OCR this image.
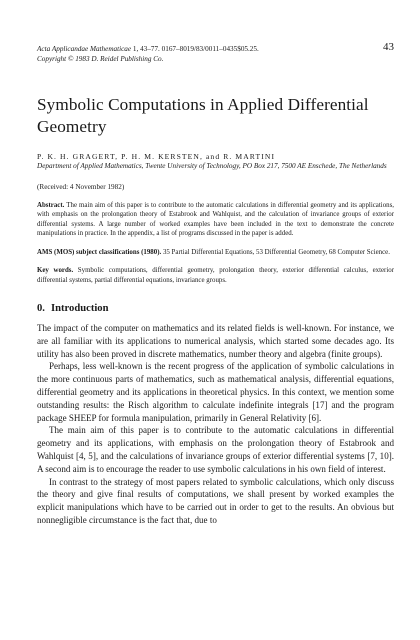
Acta Applicandae Mathematicae 1, 43–77. 0167–8019/83/0011–0435$05.25.
Copyright © 1983 D. Reidel Publishing Co.
43
Symbolic Computations in Applied Differential Geometry
P. K. H. GRAGERT, P. H. M. KERSTEN, and R. MARTINI
Department of Applied Mathematics, Twente University of Technology, PO Box 217, 7500 AE Enschede, The Netherlands
(Received: 4 November 1982)
Abstract. The main aim of this paper is to contribute to the automatic calculations in differential geometry and its applications, with emphasis on the prolongation theory of Estabrook and Wahlquist, and the calculation of invariance groups of exterior differential systems. A large number of worked examples have been included in the text to demonstrate the concrete manipulations in practice. In the appendix, a list of programs discussed in the paper is added.
AMS (MOS) subject classifications (1980). 35 Partial Differential Equations, 53 Differential Geometry, 68 Computer Science.
Key words. Symbolic computations, differential geometry, prolongation theory, exterior differential calculus, exterior differential systems, partial differential equations, invariance groups.
0. Introduction

The impact of the computer on mathematics and its related fields is well-known. For instance, we are all familiar with its applications to numerical analysis, which started some decades ago. Its utility has also been proved in discrete mathematics, number theory and algebra (finite groups).

Perhaps, less well-known is the recent progress of the application of symbolic calculations in the more continuous parts of mathematics, such as mathematical analysis, differential equations, differential geometry and its applications in theoretical physics. In this context, we mention some outstanding results: the Risch algorithm to calculate indefinite integrals [17] and the program package SHEEP for formula manipulation, primarily in General Relativity [6].

The main aim of this paper is to contribute to the automatic calculations in differential geometry and its applications, with emphasis on the prolongation theory of Estabrook and Wahlquist [4, 5], and the calculations of invariance groups of exterior differential systems [7, 10]. A second aim is to encourage the reader to use symbolic calculations in his own field of interest.

In contrast to the strategy of most papers related to symbolic calculations, which only discuss the theory and give final results of computations, we shall present by worked examples the explicit manipulations which have to be carried out in order to get to the results. An obvious but nonnegligible circumstance is the fact that, due to
